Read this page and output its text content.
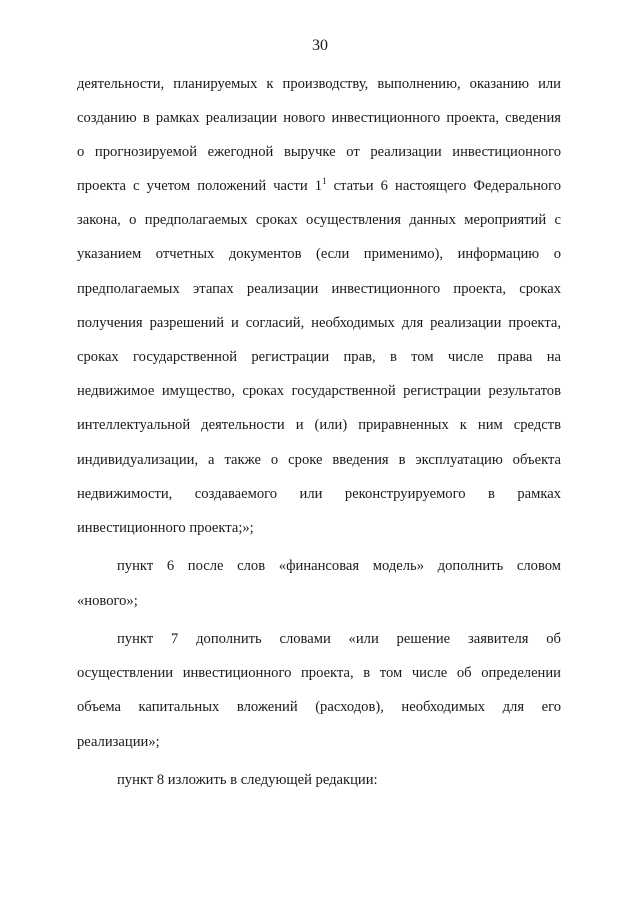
30
деятельности, планируемых к производству, выполнению, оказанию или
созданию в рамках реализации нового инвестиционного проекта, сведения
о прогнозируемой ежегодной выручке от реализации инвестиционного
проекта с учетом положений части $1^1$ статьи 6 настоящего Федерального
закона, о предполагаемых сроках осуществления данных мероприятий с
указанием отчетных документов (если применимо), информацию о
предполагаемых этапах реализации инвестиционного проекта, сроках
получения разрешений и согласий, необходимых для реализации проекта,
сроках государственной регистрации прав, в том числе права на
недвижимое имущество, сроках государственной регистрации результатов
интеллектуальной деятельности и (или) приравненных к ним средств
индивидуализации, а также о сроке введения в эксплуатацию объекта
недвижимости, создаваемого или реконструируемого в рамках
инвестиционного проекта;»;
пункт 6 после слов «финансовая модель» дополнить словом
«нового»;
пункт 7 дополнить словами «или решение заявителя об
осуществлении инвестиционного проекта, в том числе об определении
объема капитальных вложений (расходов), необходимых для его
реализации»;
пункт 8 изложить в следующей редакции:
